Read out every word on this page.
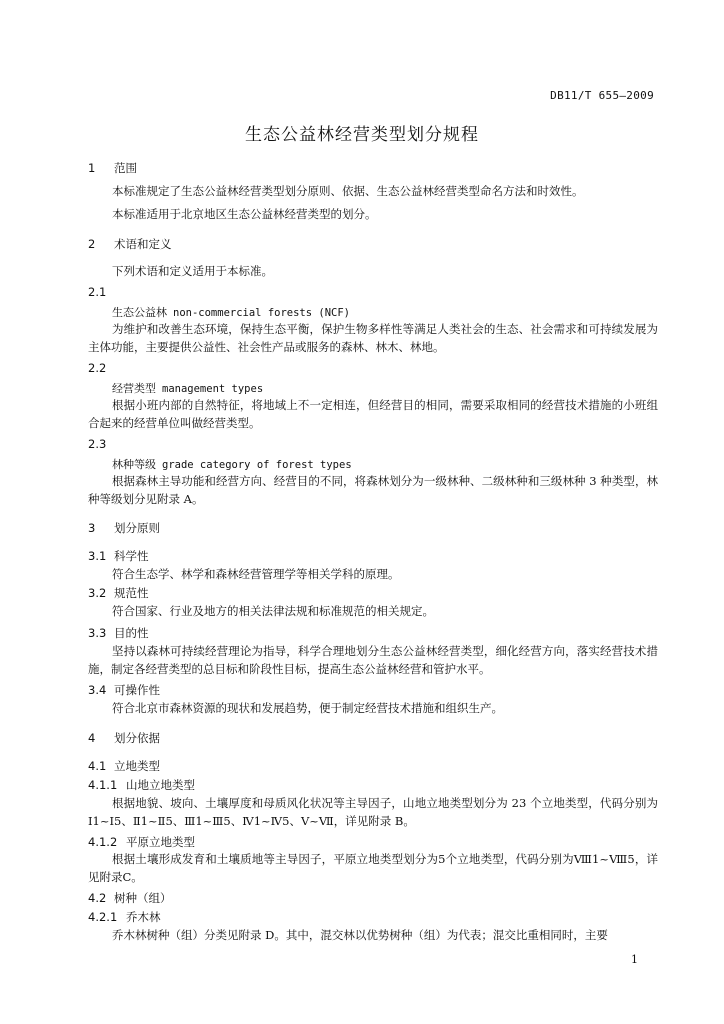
DB11/T 655—2009
生态公益林经营类型划分规程
1 范围
本标准规定了生态公益林经营类型划分原则、依据、生态公益林经营类型命名方法和时效性。
本标准适用于北京地区生态公益林经营类型的划分。
2 术语和定义
下列术语和定义适用于本标准。
2.1
生态公益林 non-commercial forests (NCF)
为维护和改善生态环境，保持生态平衡，保护生物多样性等满足人类社会的生态、社会需求和可持续发展为主体功能，主要提供公益性、社会性产品或服务的森林、林木、林地。
2.2
经营类型 management types
根据小班内部的自然特征，将地域上不一定相连，但经营目的相同，需要采取相同的经营技术措施的小班组合起来的经营单位叫做经营类型。
2.3
林种等级 grade category of forest types
根据森林主导功能和经营方向、经营目的不同，将森林划分为一级林种、二级林种和三级林种 3 种类型，林种等级划分见附录 A。
3 划分原则
3.1 科学性
符合生态学、林学和森林经营管理学等相关学科的原理。
3.2 规范性
符合国家、行业及地方的相关法律法规和标准规范的相关规定。
3.3 目的性
坚持以森林可持续经营理论为指导，科学合理地划分生态公益林经营类型，细化经营方向，落实经营技术措施，制定各经营类型的总目标和阶段性目标，提高生态公益林经营和管护水平。
3.4 可操作性
符合北京市森林资源的现状和发展趋势，便于制定经营技术措施和组织生产。
4 划分依据
4.1 立地类型
4.1.1 山地立地类型
根据地貌、坡向、土壤厚度和母质风化状况等主导因子，山地立地类型划分为 23 个立地类型，代码分别为Ⅰ1~Ⅰ5、Ⅱ1~Ⅱ5、Ⅲ1~Ⅲ5、Ⅳ1~Ⅳ5、Ⅴ~Ⅶ，详见附录 B。
4.1.2 平原立地类型
根据土壤形成发育和土壤质地等主导因子，平原立地类型划分为5个立地类型，代码分别为Ⅷ1~Ⅷ5，详见附录C。
4.2 树种（组）
4.2.1 乔木林
乔木林树种（组）分类见附录 D。其中，混交林以优势树种（组）为代表；混交比重相同时，主要
1
